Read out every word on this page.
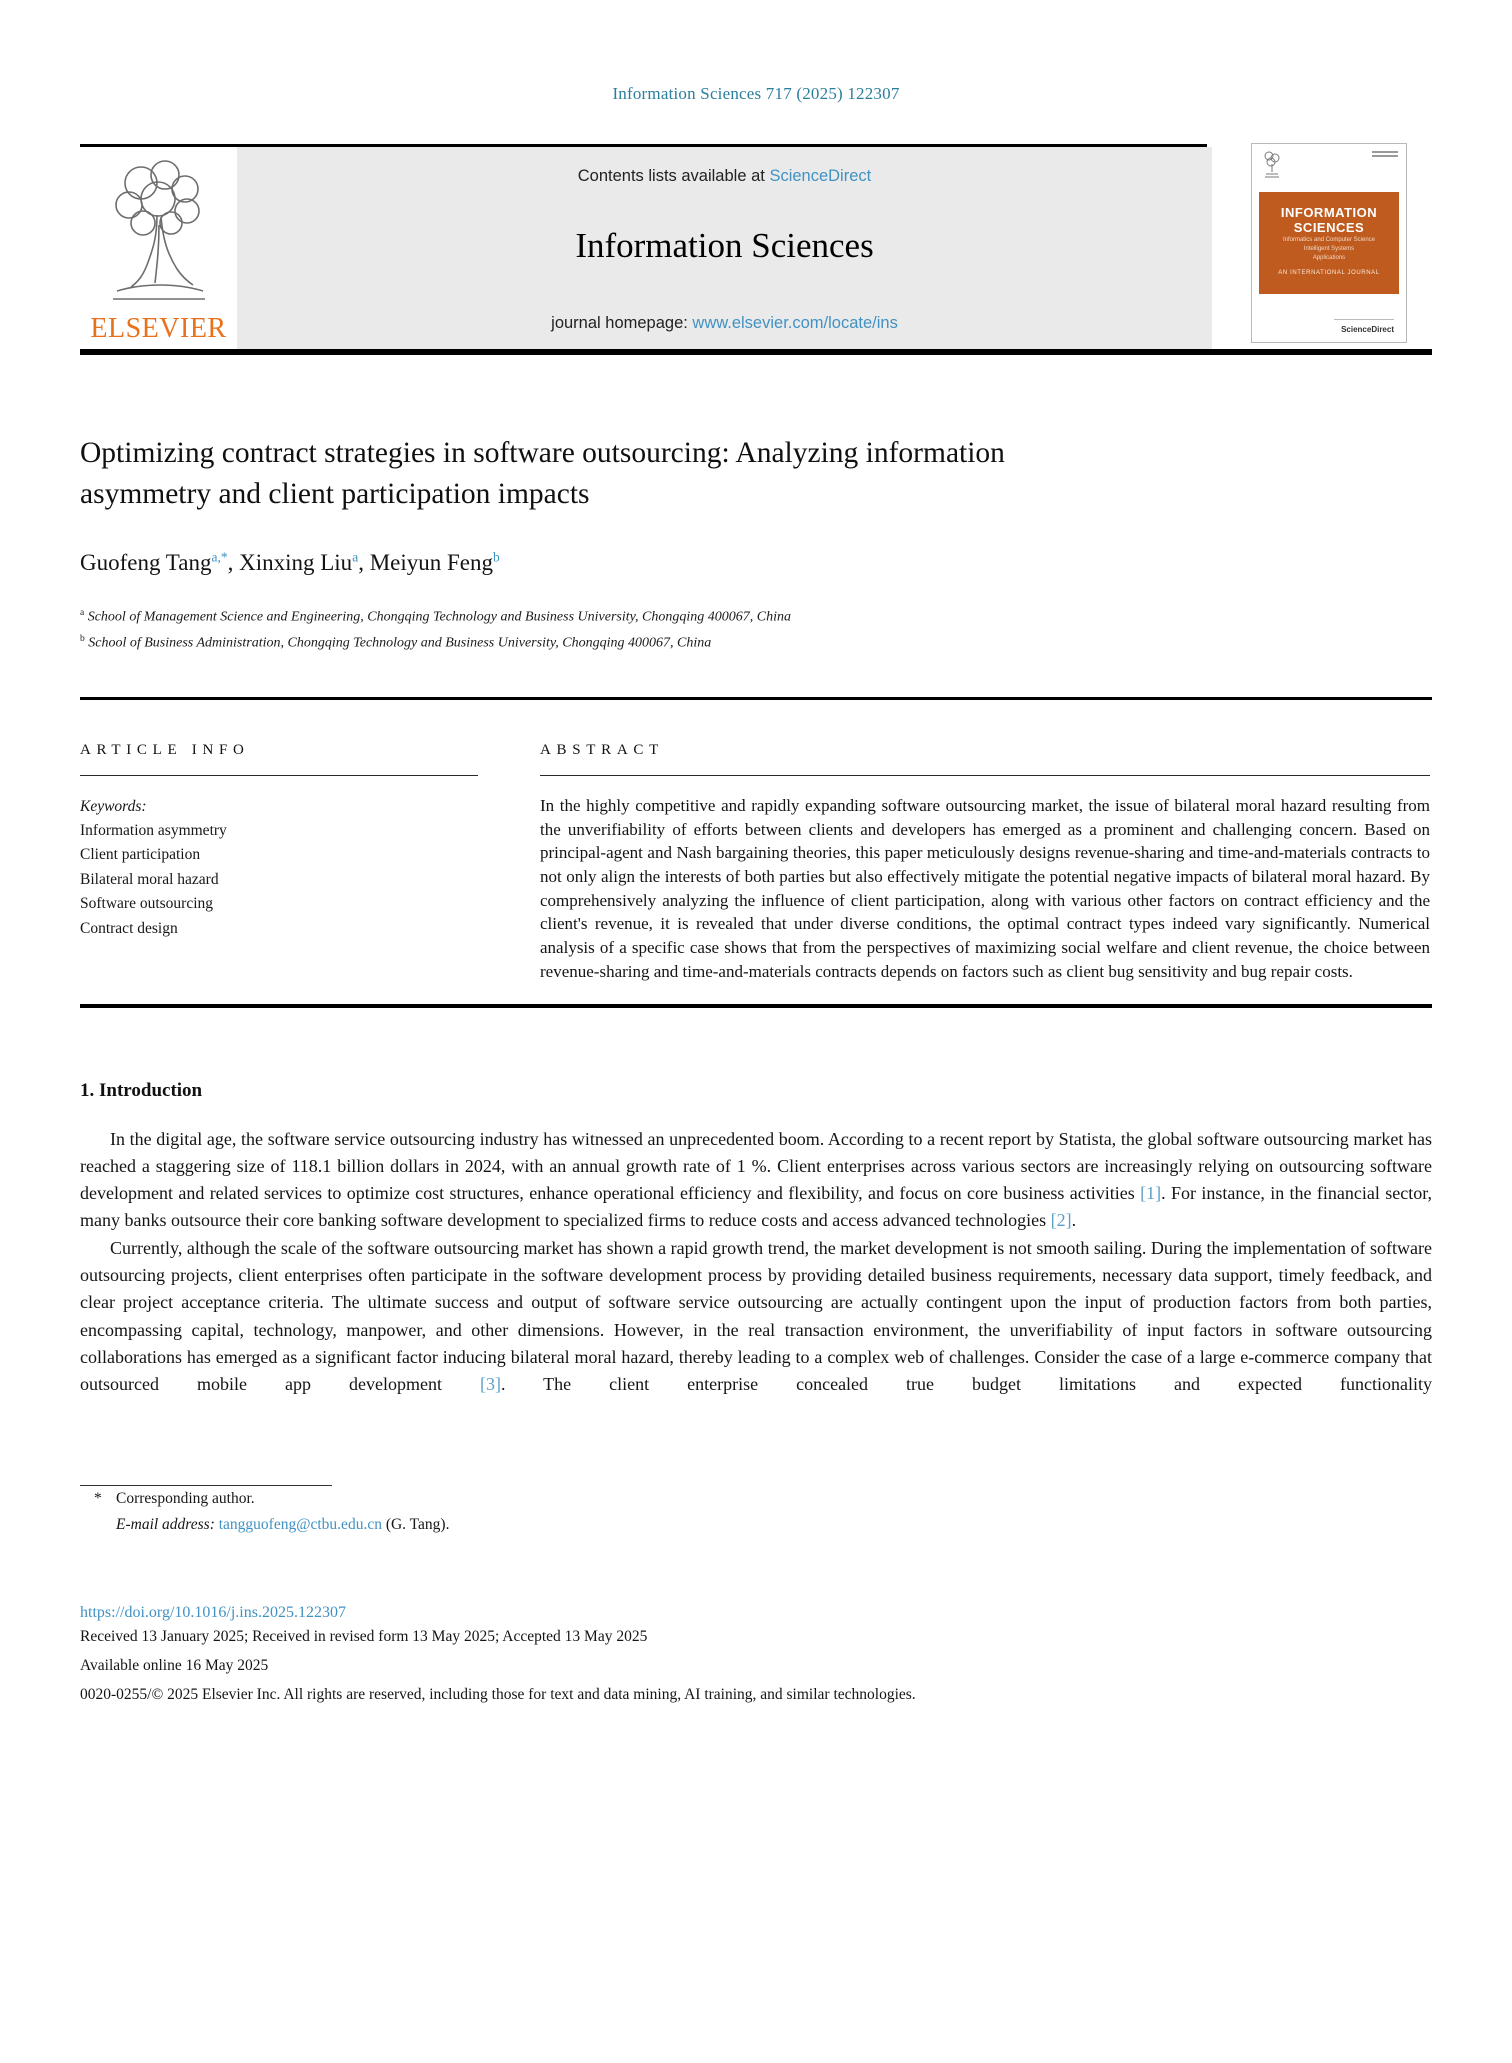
Information Sciences 717 (2025) 122307
ELSEVIER
Contents lists available at ScienceDirect
Information Sciences
journal homepage: www.elsevier.com/locate/ins
INFORMATION
SCIENCES
Informatics and Computer Science
Intelligent Systems
Applications
AN INTERNATIONAL JOURNAL
ScienceDirect
Optimizing contract strategies in software outsourcing: Analyzing information asymmetry and client participation impacts
Guofeng Tang$^{a,*}$, Xinxing Liu$^a$, Meiyun Feng$^b$
$^a$ School of Management Science and Engineering, Chongqing Technology and Business University, Chongqing 400067, China
$^b$ School of Business Administration, Chongqing Technology and Business University, Chongqing 400067, China
ARTICLE INFO
Keywords:
Information asymmetry
Client participation
Bilateral moral hazard
Software outsourcing
Contract design
ABSTRACT

In the highly competitive and rapidly expanding software outsourcing market, the issue of bilateral moral hazard resulting from the unverifiability of efforts between clients and developers has emerged as a prominent and challenging concern. Based on principal-agent and Nash bargaining theories, this paper meticulously designs revenue-sharing and time-and-materials contracts to not only align the interests of both parties but also effectively mitigate the potential negative impacts of bilateral moral hazard. By comprehensively analyzing the influence of client participation, along with various other factors on contract efficiency and the client's revenue, it is revealed that under diverse conditions, the optimal contract types indeed vary significantly. Numerical analysis of a specific case shows that from the perspectives of maximizing social welfare and client revenue, the choice between revenue-sharing and time-and-materials contracts depends on factors such as client bug sensitivity and bug repair costs.

1. Introduction

In the digital age, the software service outsourcing industry has witnessed an unprecedented boom. According to a recent report by Statista, the global software outsourcing market has reached a staggering size of 118.1 billion dollars in 2024, with an annual growth rate of 1 %. Client enterprises across various sectors are increasingly relying on outsourcing software development and related services to optimize cost structures, enhance operational efficiency and flexibility, and focus on core business activities [1]. For instance, in the financial sector, many banks outsource their core banking software development to specialized firms to reduce costs and access advanced technologies [2].

Currently, although the scale of the software outsourcing market has shown a rapid growth trend, the market development is not smooth sailing. During the implementation of software outsourcing projects, client enterprises often participate in the software development process by providing detailed business requirements, necessary data support, timely feedback, and clear project acceptance criteria. The ultimate success and output of software service outsourcing are actually contingent upon the input of production factors from both parties, encompassing capital, technology, manpower, and other dimensions. However, in the real transaction environment, the unverifiability of input factors in software outsourcing collaborations has emerged as a significant factor inducing bilateral moral hazard, thereby leading to a complex web of challenges. Consider the case of a large e-commerce company that outsourced mobile app development [3]. The client enterprise concealed true budget limitations and expected functionality

* Corresponding author.
E-mail address: tangguofeng@ctbu.edu.cn (G. Tang).
https://doi.org/10.1016/j.ins.2025.122307
Received 13 January 2025; Received in revised form 13 May 2025; Accepted 13 May 2025
Available online 16 May 2025
0020-0255/© 2025 Elsevier Inc. All rights are reserved, including those for text and data mining, AI training, and similar technologies.
